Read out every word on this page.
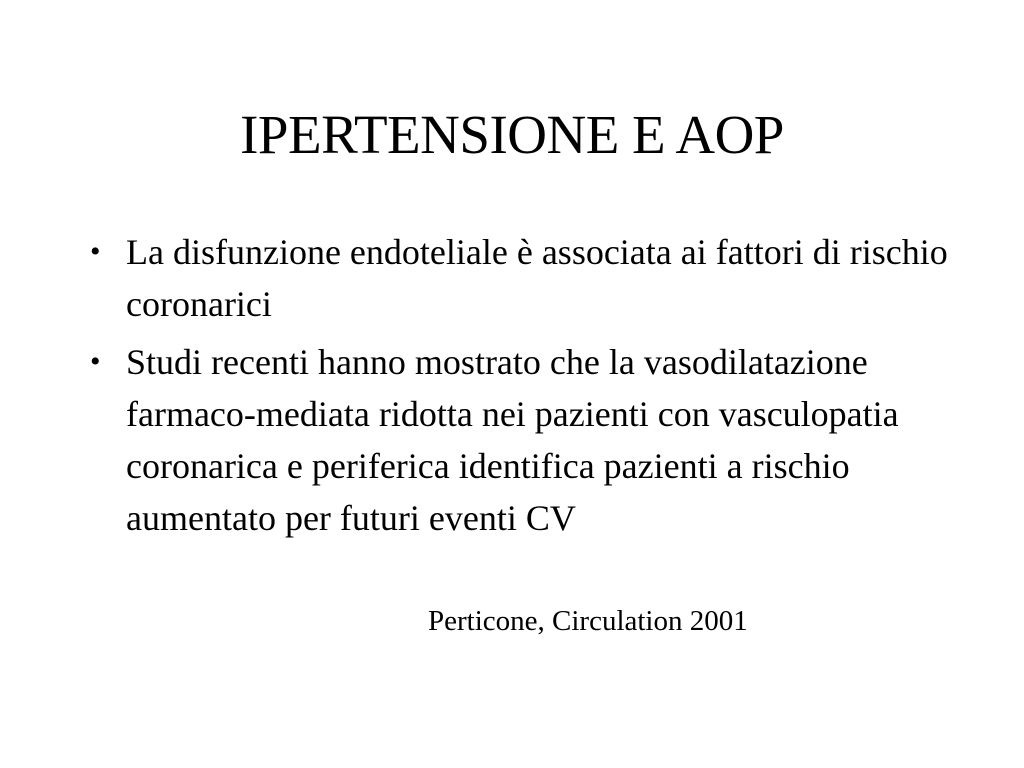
IPERTENSIONE E AOP
• La disfunzione endoteliale è associata ai fattori di rischio coronarici
• Studi recenti hanno mostrato che la vasodilatazione farmaco-mediata ridotta nei pazienti con vasculopatia coronarica e periferica identifica pazienti a rischio aumentato per futuri eventi CV
Perticone, Circulation 2001
